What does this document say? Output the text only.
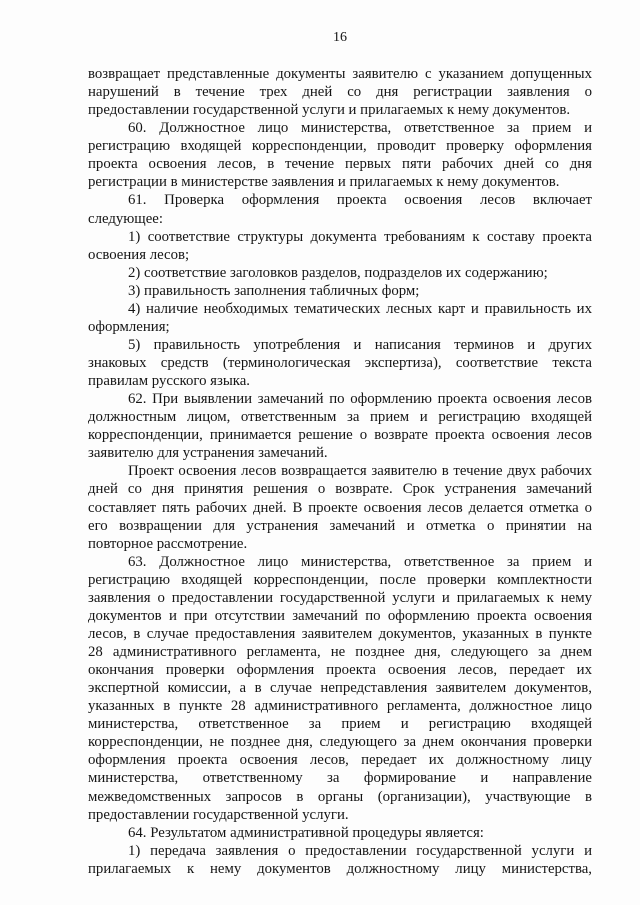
16
возвращает представленные документы заявителю с указанием допущенных
нарушений в течение трех дней со дня регистрации заявления о
предоставлении государственной услуги и прилагаемых к нему документов.
60. Должностное лицо министерства, ответственное за прием и
регистрацию входящей корреспонденции, проводит проверку оформления
проекта освоения лесов, в течение первых пяти рабочих дней со дня
регистрации в министерстве заявления и прилагаемых к нему документов.
61. Проверка оформления проекта освоения лесов включает
следующее:
1) соответствие структуры документа требованиям к составу проекта
освоения лесов;
2) соответствие заголовков разделов, подразделов их содержанию;
3) правильность заполнения табличных форм;
4) наличие необходимых тематических лесных карт и правильность их
оформления;
5) правильность употребления и написания терминов и других
знаковых средств (терминологическая экспертиза), соответствие текста
правилам русского языка.
62. При выявлении замечаний по оформлению проекта освоения лесов
должностным лицом, ответственным за прием и регистрацию входящей
корреспонденции, принимается решение о возврате проекта освоения лесов
заявителю для устранения замечаний.
Проект освоения лесов возвращается заявителю в течение двух рабочих
дней со дня принятия решения о возврате. Срок устранения замечаний
составляет пять рабочих дней. В проекте освоения лесов делается отметка о
его возвращении для устранения замечаний и отметка о принятии на
повторное рассмотрение.
63. Должностное лицо министерства, ответственное за прием и
регистрацию входящей корреспонденции, после проверки комплектности
заявления о предоставлении государственной услуги и прилагаемых к нему
документов и при отсутствии замечаний по оформлению проекта освоения
лесов, в случае предоставления заявителем документов, указанных в пункте
28 административного регламента, не позднее дня, следующего за днем
окончания проверки оформления проекта освоения лесов, передает их
экспертной комиссии, а в случае непредставления заявителем документов,
указанных в пункте 28 административного регламента, должностное лицо
министерства, ответственное за прием и регистрацию входящей
корреспонденции, не позднее дня, следующего за днем окончания проверки
оформления проекта освоения лесов, передает их должностному лицу
министерства, ответственному за формирование и направление
межведомственных запросов в органы (организации), участвующие в
предоставлении государственной услуги.
64. Результатом административной процедуры является:
1) передача заявления о предоставлении государственной услуги и
прилагаемых к нему документов должностному лицу министерства,
